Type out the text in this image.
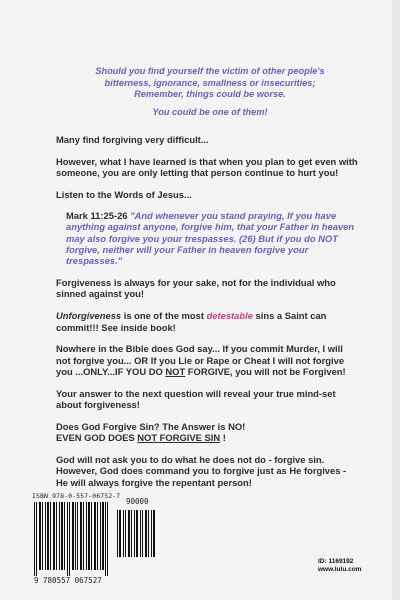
Should you find yourself the victim of other people's bitterness, ignorance, smallness or insecurities; Remember, things could be worse.
You could be one of them!

Many find forgiving very difficult...

However, what I have learned is that when you plan to get even with someone, you are only letting that person continue to hurt you!

Listen to the Words of Jesus...

Mark 11:25-26 "And whenever you stand praying, If you have anything against anyone, forgive him, that your Father in heaven may also forgive you your trespasses. (26) But if you do NOT forgive, neither will your Father in heaven forgive your trespasses."

Forgiveness is always for your sake, not for the individual who sinned against you!

Unforgiveness is one of the most detestable sins a Saint can commit!!! See inside book!

Nowhere in the Bible does God say... If you commit Murder, I will not forgive you... OR If you Lie or Rape or Cheat I will not forgive you ...ONLY...IF YOU DO NOT FORGIVE, you will not be Forgiven!

Your answer to the next question will reveal your true mind-set about forgiveness!

Does God Forgive Sin? The Answer is NO!
EVEN GOD DOES NOT FORGIVE SIN !

God will not ask you to do what he does not do - forgive sin. However, God does command you to forgive just as He forgives - He will always forgive the repentant person!

ISBN 978-0-557-06752-7
9 780557 067527
90000
ID: 1169192
www.lulu.com
